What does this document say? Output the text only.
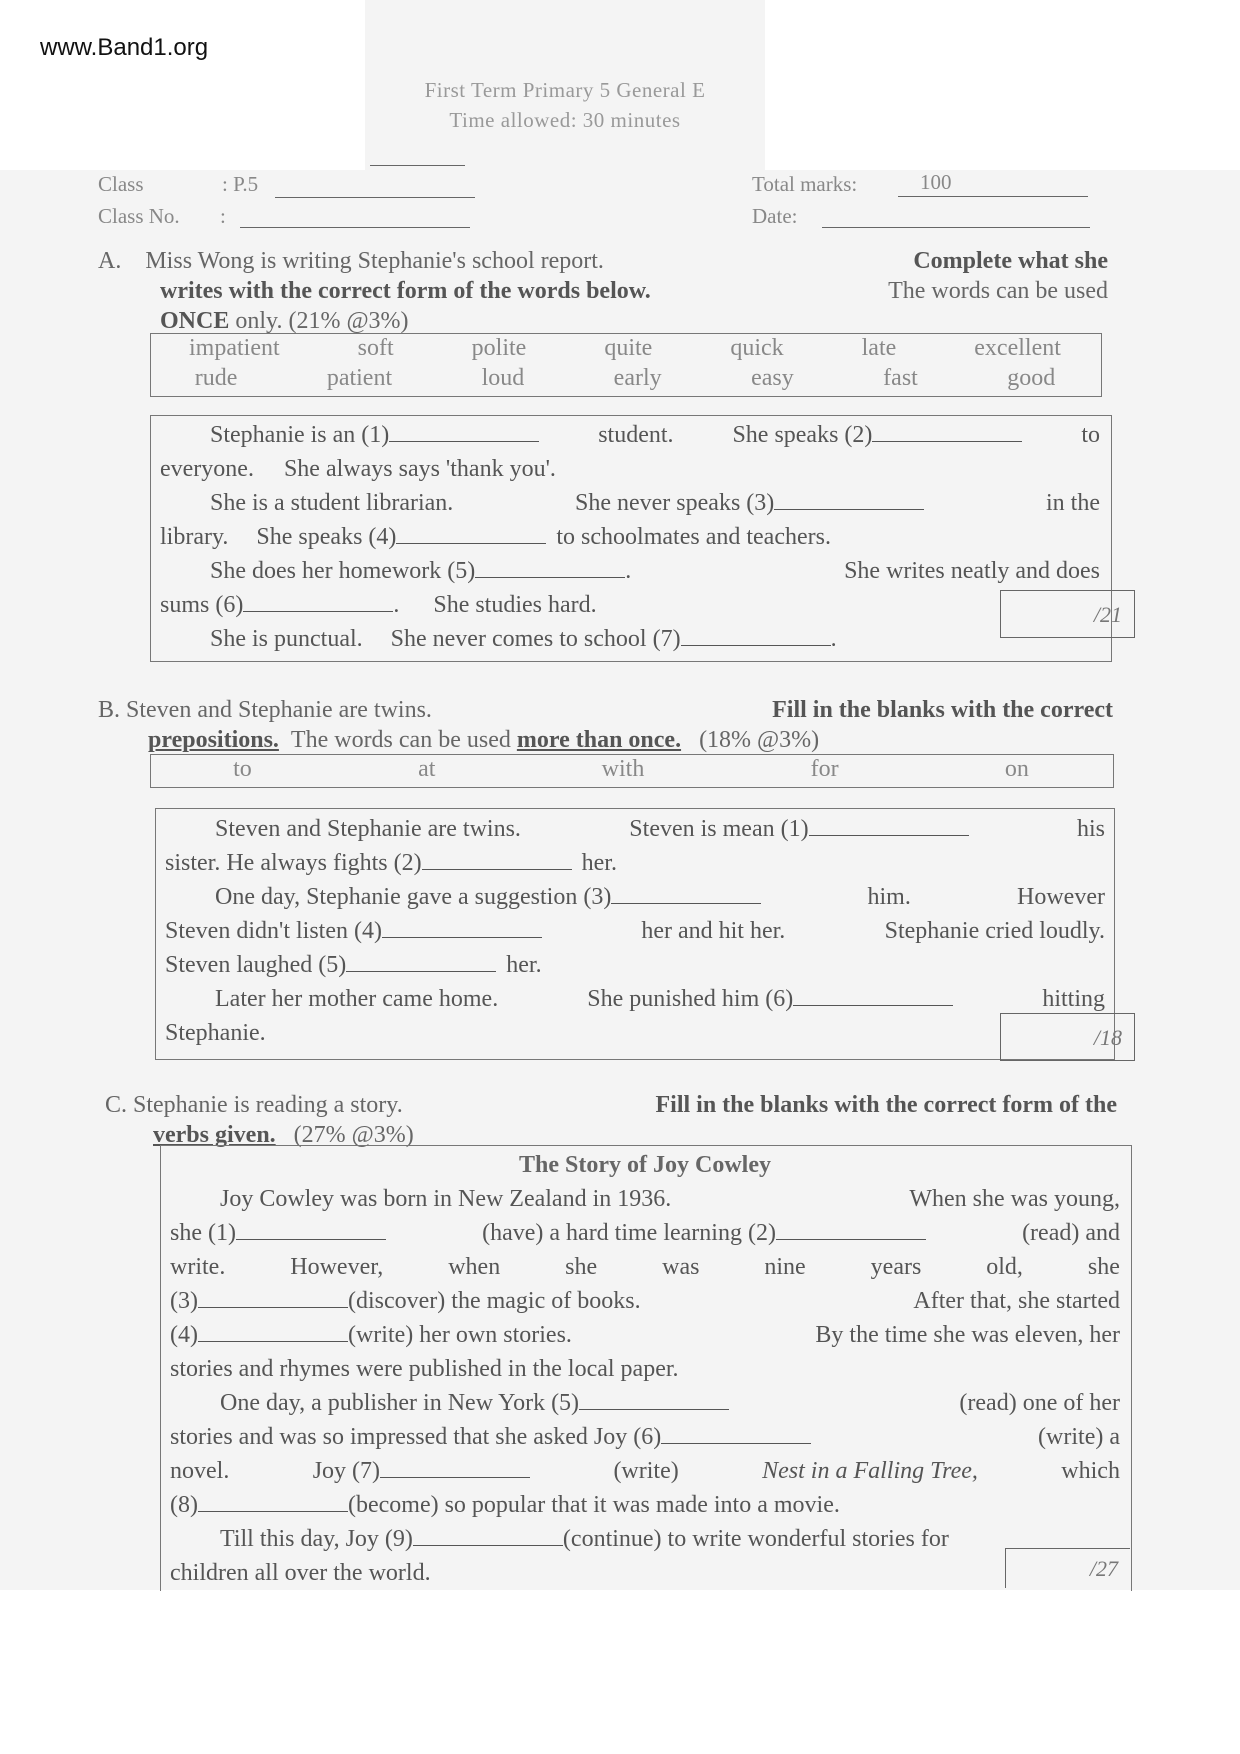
www.Band1.org
First Term Primary 5 General E
Time allowed: 30 minutes
Class	: P.5
Class No. :
Total marks:	100
Date:
A. Miss Wong is writing Stephanie's school report.	Complete what she
writes with the correct form of the words below.	The words can be used
ONCE only. (21% @3%)
impatient	soft	polite	quite	quick	late	excellent
rude	patient	loud	early	easy	fast	good
Stephanie is an (1)	student. She speaks (2)	to
everyone.	She always says 'thank you'.
She is a student librarian.	She never speaks (3)	in the
library.	She speaks (4)	to schoolmates and teachers.
She does her homework (5)	.	She writes neatly and does
sums (6)	.	She studies hard.
She is punctual.	She never comes to school (7)	.
/21
B. Steven and Stephanie are twins.	Fill in the blanks with the correct
prepositions. The words can be used more than once. (18% @3%)
to	at	with	for	on
Steven and Stephanie are twins.	Steven is mean (1)	his
sister. He always fights (2)	her.
One day, Stephanie gave a suggestion (3)	him.	However
Steven didn't listen (4)	her and hit her.	Stephanie cried loudly.
Steven laughed (5)	her.
Later her mother came home.	She punished him (6)	hitting
Stephanie.	/18
C. Stephanie is reading a story.	Fill in the blanks with the correct form of the
verbs given. (27% @3%)
The Story of Joy Cowley
Joy Cowley was born in New Zealand in 1936.	When she was young,
she (1)	(have) a hard time learning (2)	(read) and
write.	However,	when	she	was	nine	years	old,	she
(3)	(discover) the magic of books.	After that, she started
(4)	(write) her own stories.	By the time she was eleven, her
stories and rhymes were published in the local paper.
One day, a publisher in New York (5)	(read) one of her
stories and was so impressed that she asked Joy (6)	(write) a
novel.	Joy (7)	(write)	Nest in a Falling Tree,	which
(8)	(become) so popular that it was made into a movie.
Till this day, Joy (9)	(continue) to write wonderful stories for
children all over the world.	/27
